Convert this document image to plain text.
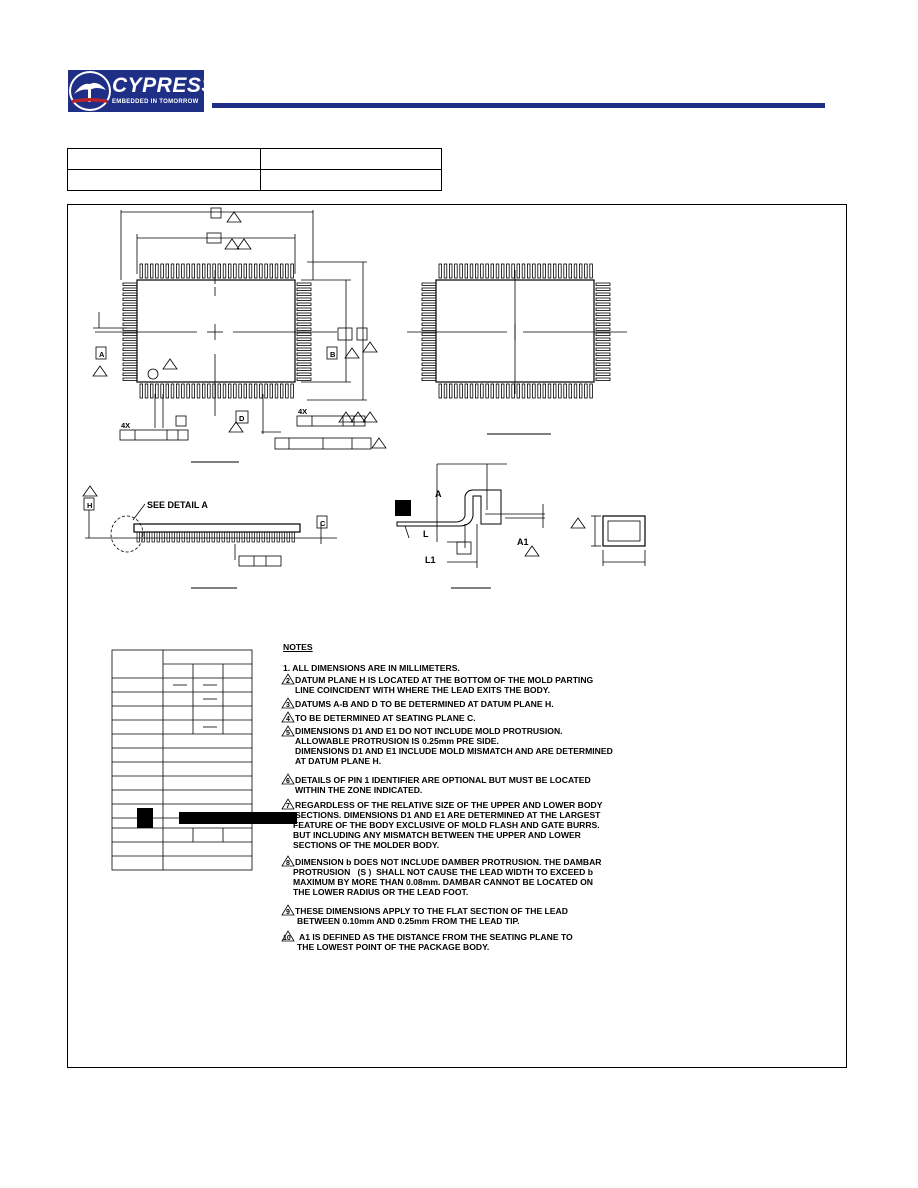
CYPRESS
EMBEDDED IN TOMORROW

A	B
D
H
C
4X
4X
SEE DETAIL A
A
L
L1
A1

NOTES

1. ALL DIMENSIONS ARE IN MILLIMETERS.

DATUM PLANE H IS LOCATED AT THE BOTTOM OF THE MOLD PARTING

LINE COINCIDENT WITH WHERE THE LEAD EXITS THE BODY.

DATUMS A-B AND D TO BE DETERMINED AT DATUM PLANE H.

TO BE DETERMINED AT SEATING PLANE C.

DIMENSIONS D1 AND E1 DO NOT INCLUDE MOLD PROTRUSION.

ALLOWABLE PROTRUSION IS 0.25mm PRE SIDE.

DIMENSIONS D1 AND E1 INCLUDE MOLD MISMATCH AND ARE DETERMINED

AT DATUM PLANE H.

DETAILS OF PIN 1 IDENTIFIER ARE OPTIONAL BUT MUST BE LOCATED

WITHIN THE ZONE INDICATED.

REGARDLESS OF THE RELATIVE SIZE OF THE UPPER AND LOWER BODY

SECTIONS. DIMENSIONS D1 AND E1 ARE DETERMINED AT THE LARGEST

FEATURE OF THE BODY EXCLUSIVE OF MOLD FLASH AND GATE BURRS.

BUT INCLUDING ANY MISMATCH BETWEEN THE UPPER AND LOWER

SECTIONS OF THE MOLDER BODY.

DIMENSION b DOES NOT INCLUDE DAMBER PROTRUSION. THE DAMBAR

PROTRUSION   (S )  SHALL NOT CAUSE THE LEAD WIDTH TO EXCEED b

MAXIMUM BY MORE THAN 0.08mm. DAMBAR CANNOT BE LOCATED ON

THE LOWER RADIUS OR THE LEAD FOOT.

THESE DIMENSIONS APPLY TO THE FLAT SECTION OF THE LEAD

BETWEEN 0.10mm AND 0.25mm FROM THE LEAD TIP.

A1 IS DEFINED AS THE DISTANCE FROM THE SEATING PLANE TO

THE LOWEST POINT OF THE PACKAGE BODY.

2
3
4
5
6
7
8
9
10
